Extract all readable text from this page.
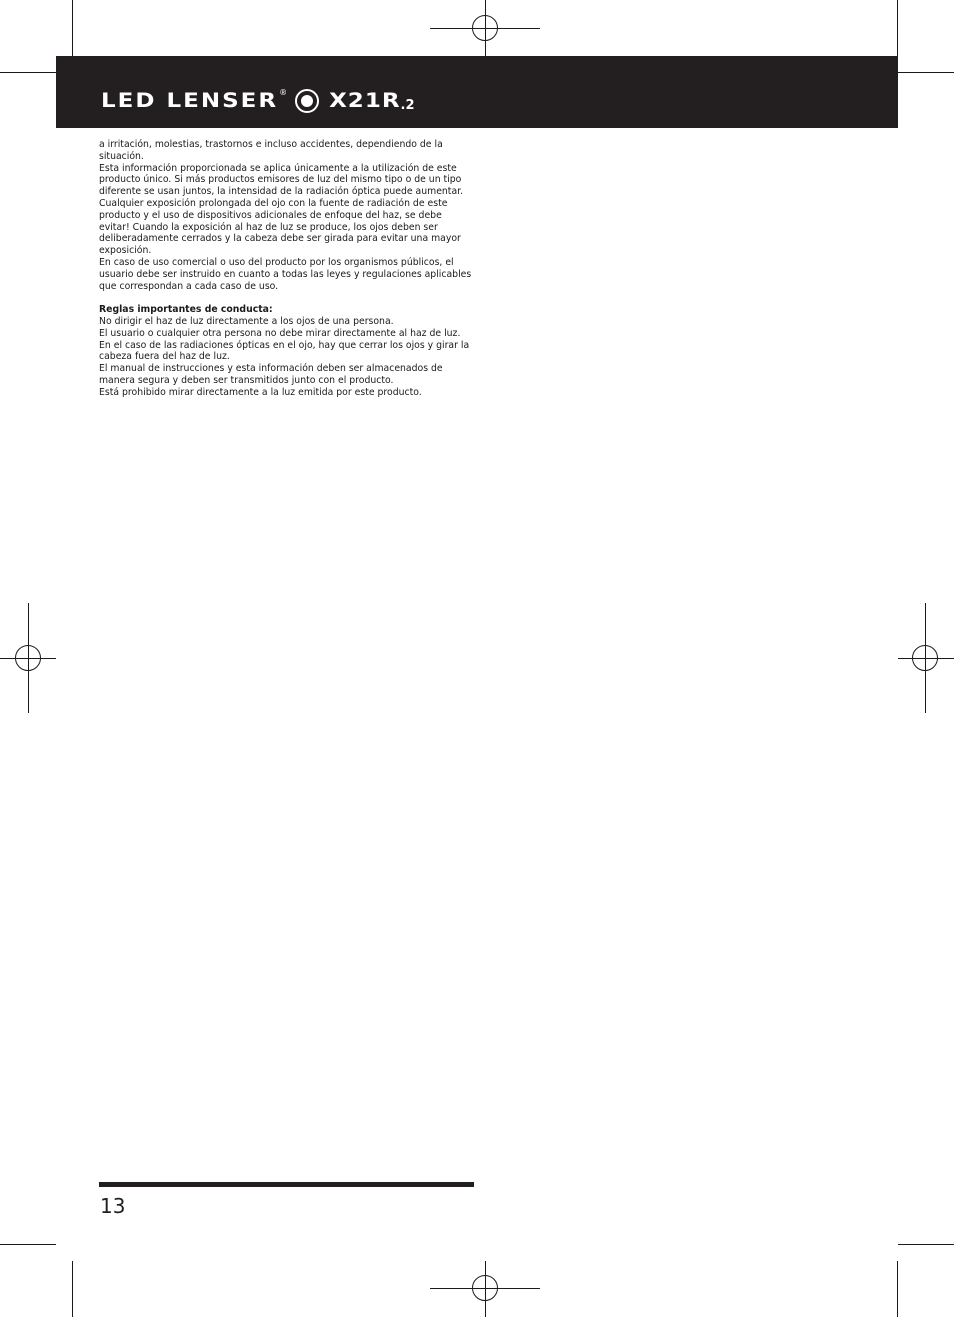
LED LENSER ® X21R .2

a irritación, molestias, trastornos e incluso accidentes, dependiendo de la situación.

Esta información proporcionada se aplica únicamente a la utilización de este producto único. Si más productos emisores de luz del mismo tipo o de un tipo diferente se usan juntos, la intensidad de la radiación óptica puede aumentar.

Cualquier exposición prolongada del ojo con la fuente de radiación de este producto y el uso de dispositivos adicionales de enfoque del haz, se debe evitar! Cuando la exposición al haz de luz se produce, los ojos deben ser deliberadamente cerrados y la cabeza debe ser girada para evitar una mayor exposición.

En caso de uso comercial o uso del producto por los organismos públicos, el usuario debe ser instruido en cuanto a todas las leyes y regulaciones aplicables que correspondan a cada caso de uso.

Reglas importantes de conducta:

No dirigir el haz de luz directamente a los ojos de una persona.

El usuario o cualquier otra persona no debe mirar directamente al haz de luz.

En el caso de las radiaciones ópticas en el ojo, hay que cerrar los ojos y girar la cabeza fuera del haz de luz.

El manual de instrucciones y esta información deben ser almacenados de manera segura y deben ser transmitidos junto con el producto.

Está prohibido mirar directamente a la luz emitida por este producto.

13
